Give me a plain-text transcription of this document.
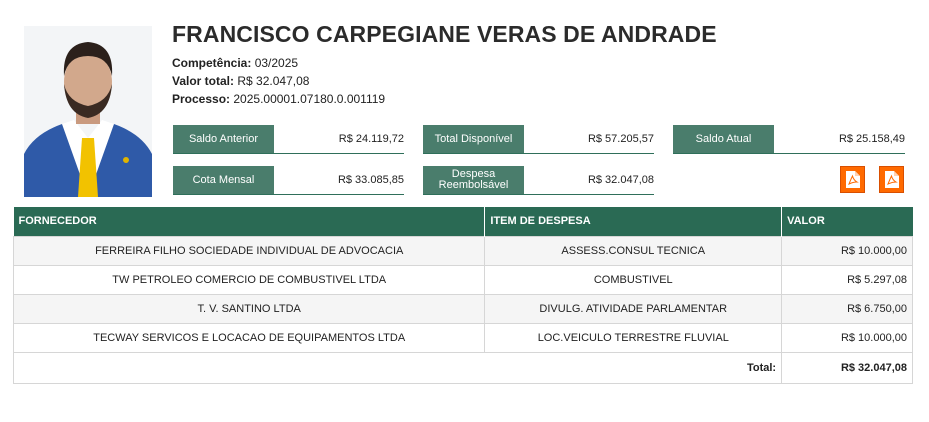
FRANCISCO CARPEGIANE VERAS DE ANDRADE
Competência: 03/2025
Valor total: R$ 32.047,08
Processo: 2025.00001.07180.0.001119
Saldo Anterior	R$ 24.119,72	Total Disponível	R$ 57.205,57	Saldo Atual	R$ 25.158,49
Cota Mensal	R$ 33.085,85	Despesa Reembolsável	R$ 32.047,08
FORNECEDOR	ITEM DE DESPESA	VALOR
FERREIRA FILHO SOCIEDADE INDIVIDUAL DE ADVOCACIA	ASSESS.CONSUL TECNICA	R$ 10.000,00
TW PETROLEO COMERCIO DE COMBUSTIVEL LTDA	COMBUSTIVEL	R$ 5.297,08
T. V. SANTINO LTDA	DIVULG. ATIVIDADE PARLAMENTAR	R$ 6.750,00
TECWAY SERVICOS E LOCACAO DE EQUIPAMENTOS LTDA	LOC.VEICULO TERRESTRE FLUVIAL	R$ 10.000,00
Total:		R$ 32.047,08
